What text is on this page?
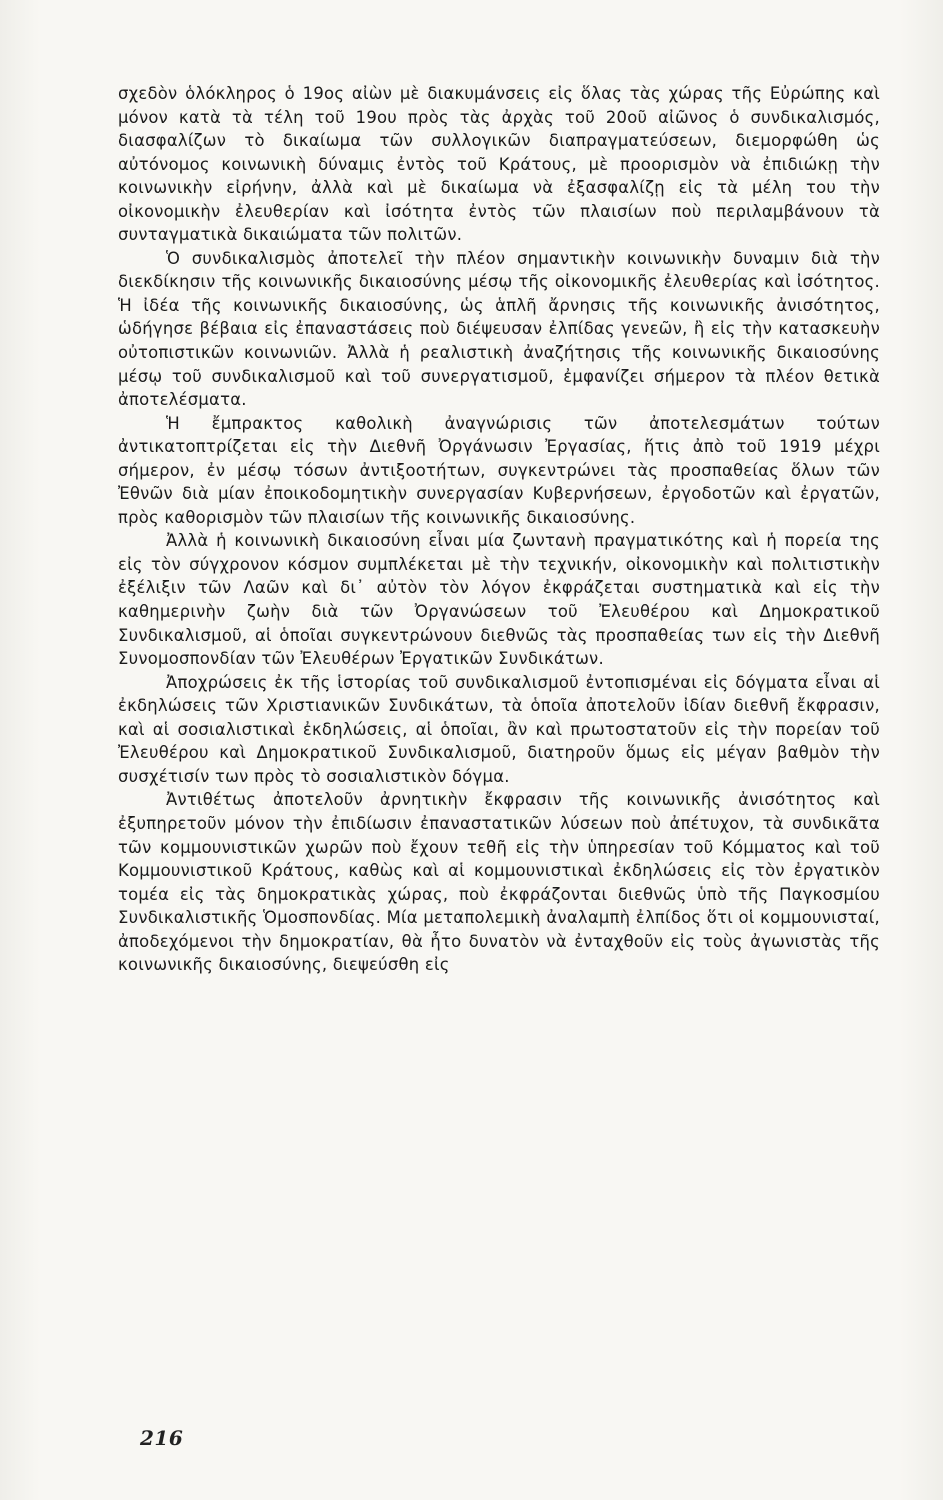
σχεδὸν ὁλόκληρος ὁ 19ος αἰὼν μὲ διακυμάνσεις εἰς ὅλας τὰς χώρας τῆς Εὐρώπης καὶ μόνον κατὰ τὰ τέλη τοῦ 19ου πρὸς τὰς ἀρχὰς τοῦ 20οῦ αἰῶνος ὁ συνδικαλισμός, διασφαλίζων τὸ δικαίωμα τῶν συλλογικῶν διαπραγματεύσεων, διεμορφώθη ὡς αὐτόνομος κοινωνικὴ δύναμις ἐντὸς τοῦ Κράτους, μὲ προορισμὸν νὰ ἐπιδιώκῃ τὴν κοινωνικὴν εἰρήνην, ἀλλὰ καὶ μὲ δικαίωμα νὰ ἐξασφαλίζῃ εἰς τὰ μέλη του τὴν οἰκονομικὴν ἐλευθερίαν καὶ ἰσότητα ἐντὸς τῶν πλαισίων ποὺ περιλαμβάνουν τὰ συνταγματικὰ δικαιώματα τῶν πολιτῶν.

Ὁ συνδικαλισμὸς ἀποτελεῖ τὴν πλέον σημαντικὴν κοινωνικὴν δυναμιν διὰ τὴν διεκδίκησιν τῆς κοινωνικῆς δικαιοσύνης μέσῳ τῆς οἰκονομικῆς ἐλευθερίας καὶ ἰσότητος. Ἡ ἰδέα τῆς κοινωνικῆς δικαιοσύνης, ὡς ἁπλῆ ἄρνησις τῆς κοινωνικῆς ἀνισότητος, ὡδήγησε βέβαια εἰς ἐπαναστάσεις ποὺ διέψευσαν ἐλπίδας γενεῶν, ἢ εἰς τὴν κατασκευὴν οὐτοπιστικῶν κοινωνιῶν. Ἀλλὰ ἡ ρεαλιστικὴ ἀναζήτησις τῆς κοινωνικῆς δικαιοσύνης μέσῳ τοῦ συνδικαλισμοῦ καὶ τοῦ συνεργατισμοῦ, ἐμφανίζει σήμερον τὰ πλέον θετικὰ ἀποτελέσματα.

Ἡ ἔμπρακτος καθολικὴ ἀναγνώρισις τῶν ἀποτελεσμάτων τούτων ἀντικατοπτρίζεται εἰς τὴν Διεθνῆ Ὀργάνωσιν Ἐργασίας, ἥτις ἀπὸ τοῦ 1919 μέχρι σήμερον, ἐν μέσῳ τόσων ἀντιξοοτήτων, συγκεντρώνει τὰς προσπαθείας ὅλων τῶν Ἐθνῶν διὰ μίαν ἐποικοδομητικὴν συνεργασίαν Κυβερνήσεων, ἐργοδοτῶν καὶ ἐργατῶν, πρὸς καθορισμὸν τῶν πλαισίων τῆς κοινωνικῆς δικαιοσύνης.

Ἀλλὰ ἡ κοινωνικὴ δικαιοσύνη εἶναι μία ζωντανὴ πραγματικότης καὶ ἡ πορεία της εἰς τὸν σύγχρονον κόσμον συμπλέκεται μὲ τὴν τεχνικήν, οἰκονομικὴν καὶ πολιτιστικὴν ἐξέλιξιν τῶν Λαῶν καὶ δι᾽ αὐτὸν τὸν λόγον ἐκφράζεται συστηματικὰ καὶ εἰς τὴν καθημερινὴν ζωὴν διὰ τῶν Ὀργανώσεων τοῦ Ἐλευθέρου καὶ Δημοκρατικοῦ Συνδικαλισμοῦ, αἱ ὁποῖαι συγκεντρώνουν διεθνῶς τὰς προσπαθείας των εἰς τὴν Διεθνῆ Συνομοσπονδίαν τῶν Ἐλευθέρων Ἐργατικῶν Συνδικάτων.

Ἀποχρώσεις ἐκ τῆς ἱστορίας τοῦ συνδικαλισμοῦ ἐντοπισμέναι εἰς δόγματα εἶναι αἱ ἐκδηλώσεις τῶν Χριστιανικῶν Συνδικάτων, τὰ ὁποῖα ἀποτελοῦν ἰδίαν διεθνῆ ἔκφρασιν, καὶ αἱ σοσιαλιστικαὶ ἐκδηλώσεις, αἱ ὁποῖαι, ἂν καὶ πρωτοστατοῦν εἰς τὴν πορείαν τοῦ Ἐλευθέρου καὶ Δημοκρατικοῦ Συνδικαλισμοῦ, διατηροῦν ὅμως εἰς μέγαν βαθμὸν τὴν συσχέτισίν των πρὸς τὸ σοσιαλιστικὸν δόγμα.

Ἀντιθέτως ἀποτελοῦν ἀρνητικὴν ἔκφρασιν τῆς κοινωνικῆς ἀνισότητος καὶ ἐξυπηρετοῦν μόνον τὴν ἐπιδίωσιν ἐπαναστατικῶν λύσεων ποὺ ἀπέτυχον, τὰ συνδικᾶτα τῶν κομμουνιστικῶν χωρῶν ποὺ ἔχουν τεθῆ εἰς τὴν ὑπηρεσίαν τοῦ Κόμματος καὶ τοῦ Κομμουνιστικοῦ Κράτους, καθὼς καὶ αἱ κομμουνιστικαὶ ἐκδηλώσεις εἰς τὸν ἐργατικὸν τομέα εἰς τὰς δημοκρατικὰς χώρας, ποὺ ἐκφράζονται διεθνῶς ὑπὸ τῆς Παγκοσμίου Συνδικαλιστικῆς Ὁμοσπονδίας. Μία μεταπολεμικὴ ἀναλαμπὴ ἐλπίδος ὅτι οἱ κομμουνισταί, ἀποδεχόμενοι τὴν δημοκρατίαν, θὰ ἦτο δυνατὸν νὰ ἐνταχθοῦν εἰς τοὺς ἀγωνιστὰς τῆς κοινωνικῆς δικαιοσύνης, διεψεύσθη εἰς

216
